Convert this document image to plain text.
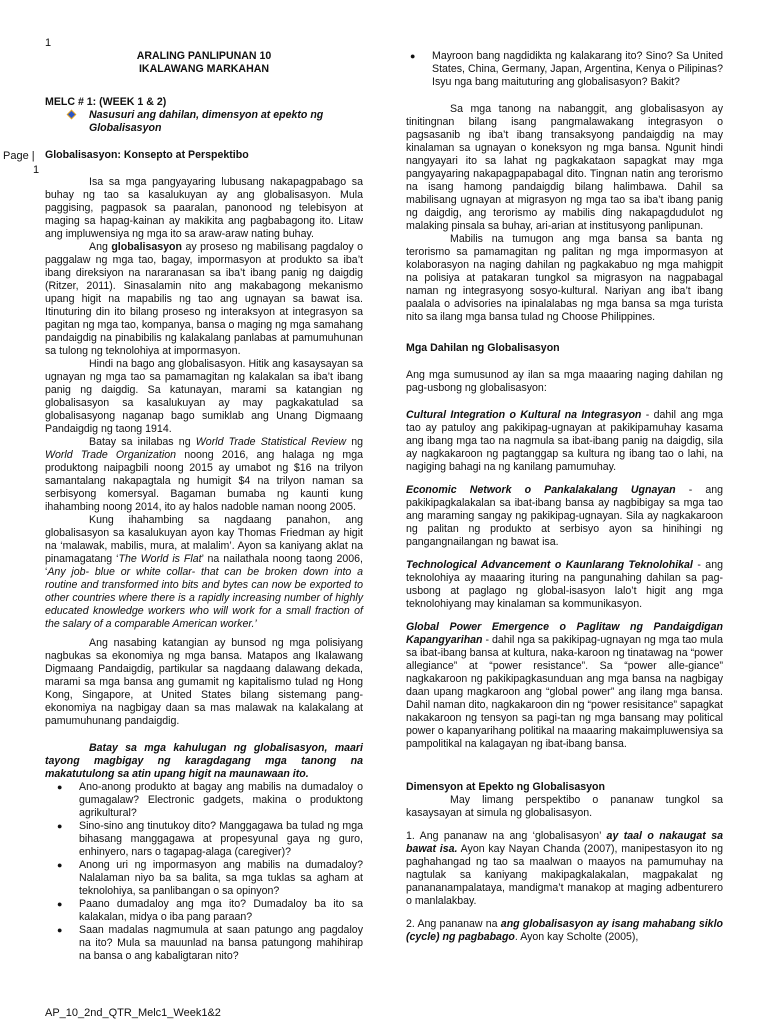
1
Page |
1
ARALING PANLIPUNAN 10
IKALAWANG MARKAHAN
MELC # 1: (WEEK 1 & 2)
Nasusuri ang dahilan, dimensyon at epekto ng Globalisasyon
Globalisasyon: Konsepto at Perspektibo

Isa sa mga pangyayaring lubusang nakapagpabago sa buhay ng tao sa kasalukuyan ay ang globalisasyon. Mula paggising, pagpasok sa paaralan, panonood ng telebisyon at maging sa hapag-kainan ay makikita ang pagbabagong ito. Litaw ang impluwensiya ng mga ito sa araw-araw nating buhay.

Ang globalisasyon ay proseso ng mabilisang pagdaloy o paggalaw ng mga tao, bagay, impormasyon at produkto sa iba’t ibang direksiyon na nararanasan sa iba’t ibang panig ng daigdig (Ritzer, 2011). Sinasalamin nito ang makabagong mekanismo upang higit na mapabilis ng tao ang ugnayan sa bawat isa. Itinuturing din ito bilang proseso ng interaksyon at integrasyon sa pagitan ng mga tao, kompanya, bansa o maging ng mga samahang pandaigdig na pinabibilis ng kalakalang panlabas at pamumuhunan sa tulong ng teknolohiya at impormasyon.

Hindi na bago ang globalisasyon. Hitik ang kasaysayan sa ugnayan ng mga tao sa pamamagitan ng kalakalan sa iba’t ibang panig ng daigdig. Sa katunayan, marami sa katangian ng globalisasyon sa kasalukuyan ay may pagkakatulad sa globalisasyong naganap bago sumiklab ang Unang Digmaang Pandaigdig ng taong 1914.

Batay sa inilabas ng World Trade Statistical Review ng World Trade Organization noong 2016, ang halaga ng mga produktong naipagbili noong 2015 ay umabot ng $16 na trilyon samantalang nakapagtala ng humigit $4 na trilyon naman sa serbisyong komersyal. Bagaman bumaba ng kaunti kung ihahambing noong 2014, ito ay halos nadoble naman noong 2005.

Kung ihahambing sa nagdaang panahon, ang globalisasyon sa kasalukuyan ayon kay Thomas Friedman ay higit na ‘malawak, mabilis, mura, at malalim’. Ayon sa kaniyang aklat na pinamagatang ‘The World is Flat’ na nailathala noong taong 2006, ‘Any job- blue or white collar- that can be broken down into a routine and transformed into bits and bytes can now be exported to other countries where there is a rapidly increasing number of highly educated knowledge workers who will work for a small fraction of the salary of a comparable American worker.’

Ang nasabing katangian ay bunsod ng mga polisiyang nagbukas sa ekonomiya ng mga bansa. Matapos ang Ikalawang Digmaang Pandaigdig, partikular sa nagdaang dalawang dekada, marami sa mga bansa ang gumamit ng kapitalismo tulad ng Hong Kong, Singapore, at United States bilang sistemang pang-ekonomiya na nagbigay daan sa mas malawak na kalakalang at pamumuhunang pandaigdig.

Batay sa mga kahulugan ng globalisasyon, maari tayong magbigay ng karagdagang mga tanong na makatutulong sa atin upang higit na maunawaan ito.

● Ano-anong produkto at bagay ang mabilis na dumadaloy o gumagalaw? Electronic gadgets, makina o produktong agrikultural?
● Sino-sino ang tinutukoy dito? Manggagawa ba tulad ng mga bihasang manggagawa at propesyunal gaya ng guro, enhinyero, nars o tagapag-alaga (caregiver)?
● Anong uri ng impormasyon ang mabilis na dumadaloy? Nalalaman niyo ba sa balita, sa mga tuklas sa agham at teknolohiya, sa panlibangan o sa opinyon?
● Paano dumadaloy ang mga ito? Dumadaloy ba ito sa kalakalan, midya o iba pang paraan?
● Saan madalas nagmumula at saan patungo ang pagdaloy na ito? Mula sa mauunlad na bansa patungong mahihirap na bansa o ang kabaligtaran nito?
● Mayroon bang nagdidikta ng kalakarang ito? Sino? Sa United States, China, Germany, Japan, Argentina, Kenya o Pilipinas? Isyu nga bang maituturing ang globalisasyon? Bakit?

Sa mga tanong na nabanggit, ang globalisasyon ay tinitingnan bilang isang pangmalawakang integrasyon o pagsasanib ng iba’t ibang transaksyong pandaigdig na may kinalaman sa ugnayan o koneksyon ng mga bansa. Ngunit hindi nangyayari ito sa lahat ng pagkakataon sapagkat may mga pangyayaring nakapagpapabagal dito. Tingnan natin ang terorismo na isang hamong pandaigdig bilang halimbawa. Dahil sa mabilisang ugnayan at migrasyon ng mga tao sa iba’t ibang panig ng daigdig, ang terorismo ay mabilis ding nakapagdudulot ng malaking pinsala sa buhay, ari-arian at institusyong panlipunan.

Mabilis na tumugon ang mga bansa sa banta ng terorismo sa pamamagitan ng palitan ng mga impormasyon at kolaborasyon na naging dahilan ng pagkakabuo ng mga mahigpit na polisiya at patakaran tungkol sa migrasyon na nagpabagal naman ng integrasyong sosyo-kultural. Nariyan ang iba’t ibang paalala o advisories na ipinalalabas ng mga bansa sa mga turista nito sa ilang mga bansa tulad ng Choose Philippines.

Mga Dahilan ng Globalisasyon

Ang mga sumusunod ay ilan sa mga maaaring naging dahilan ng pag-usbong ng globalisasyon:

Cultural Integration o Kultural na Integrasyon - dahil ang mga tao ay patuloy ang pakikipag-ugnayan at pakikipamuhay kasama ang ibang mga tao na nagmula sa ibat-ibang panig na daigdig, sila ay nagkakaroon ng pagtanggap sa kultura ng ibang tao o lahi, na nagiging bahagi na ng kanilang pamumuhay.

Economic Network o Pankalakalang Ugnayan - ang pakikipagkalakalan sa ibat-ibang bansa ay nagbibigay sa mga tao ang maraming sangay ng pakikipag-ugnayan. Sila ay nagkakaroon ng palitan ng produkto at serbisyo ayon sa hinihingi ng pangangnailangan ng bawat isa.

Technological Advancement o Kaunlarang Teknolohikal - ang teknolohiya ay maaaring ituring na pangunahing dahilan sa pag-usbong at paglago ng global-isasyon lalo’t higit ang mga teknolohiyang may kinalaman sa kommunikasyon.

Global Power Emergence o Paglitaw ng Pandaigdigan Kapangyarihan - dahil nga sa pakikipag-ugnayan ng mga tao mula sa ibat-ibang bansa at kultura, naka-karoon ng tinatawag na “power allegiance” at “power resistance”. Sa “power alle-giance” nagkakaroon ng pakikipagkasunduan ang mga bansa na nagbigay daan upang magkaroon ang “global power” ang ilang mga bansa. Dahil naman dito, nagkakaroon din ng “power resisitance” sapagkat nakakaroon ng tensyon sa pagi-tan ng mga bansang may political power o kapanyarihang politikal na maaaring makaimpluwensiya sa pampolitikal na kalagayan ng ibat-ibang bansa.

Dimensyon at Epekto ng Globalisasyon

May limang perspektibo o pananaw tungkol sa kasaysayan at simula ng globalisasyon.

1. Ang pananaw na ang ‘globalisasyon’ ay taal o nakaugat sa bawat isa. Ayon kay Nayan Chanda (2007), manipestasyon ito ng paghahangad ng tao sa maalwan o maayos na pamumuhay na nagtulak sa kaniyang makipagkalakalan, magpakalat ng panananampalataya, mandigma’t manakop at maging adbenturero o manlalakbay.

2. Ang pananaw na ang globalisasyon ay isang mahabang siklo (cycle) ng pagbabago. Ayon kay Scholte (2005),

AP_10_2nd_QTR_Melc1_Week1&2
